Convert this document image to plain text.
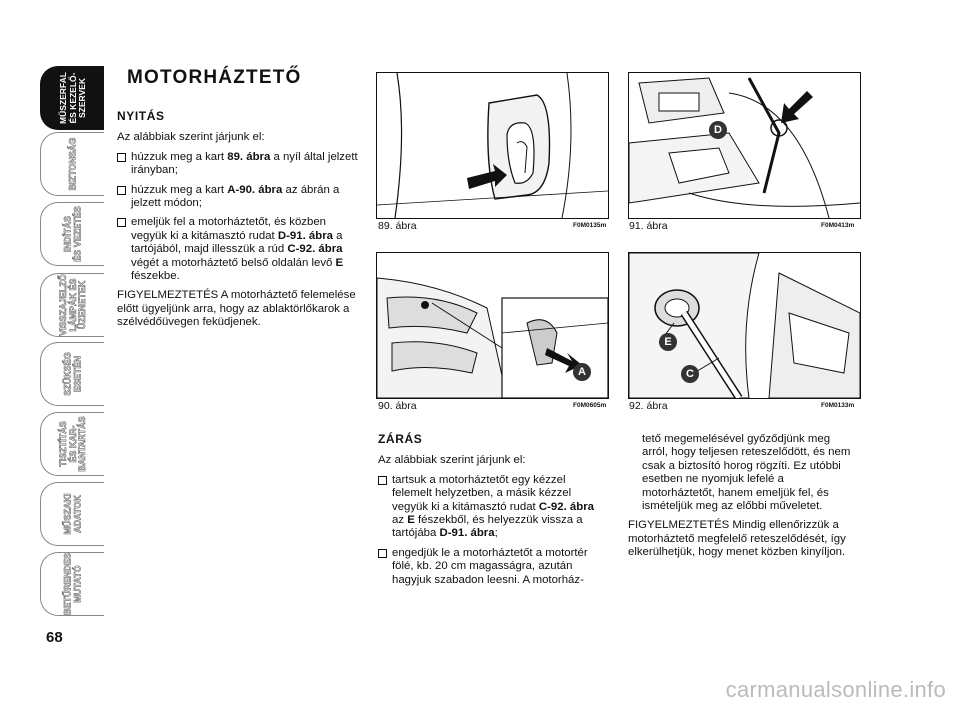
MŰSZERFAL
ÉS KEZELŐ-
SZERVEK
BIZTONSÁG
INDÍTÁS
ÉS VEZETÉS
VISSZAJELZŐ
LÁMPÁK ÉS
ÜZENETEK
SZÜKSÉG
ESETÉN
TISZTÍTÁS
ÉS KAR-
BANTARTÁS
MŰSZAKI
ADATOK
BETŰRENDES
MUTATÓ
68
MOTORHÁZTETŐ
NYITÁS

Az alábbiak szerint járjunk el:

húzzuk meg a kart 89. ábra a nyíl által jelzett irányban;
húzzuk meg a kart A-90. ábra az ábrán a jelzett módon;
emeljük fel a motorháztetőt, és közben vegyük ki a kitámasztó rudat D-91. ábra a tartójából, majd illesszük a rúd C-92. ábra végét a motorháztető belső oldalán levő E fészekbe.

FIGYELMEZTETÉS A motorháztető felemelése előtt ügyeljünk arra, hogy az ablaktörlőkarok a szélvédőüvegen feküdjenek.

89. ábra	F0M0135m
D
91. ábra	F0M0413m
A
90. ábra	F0M0605m
E
C
92. ábra	F0M0133m
ZÁRÁS

Az alábbiak szerint járjunk el:

tartsuk a motorháztetőt egy kézzel felemelt helyzetben, a másik kézzel vegyük ki a kitámasztó rudat C-92. ábra az E fészekből, és helyezzük vissza a tartójába D-91. ábra;
engedjük le a motorháztetőt a motortér fölé, kb. 20 cm magasságra, azután hagyjuk szabadon leesni. A motorház-

tető megemelésével győződjünk meg arról, hogy teljesen reteszelődött, és nem csak a biztosító horog rögzíti. Ez utóbbi esetben ne nyomjuk lefelé a motorháztetőt, hanem emeljük fel, és ismételjük meg az előbbi műveletet.

FIGYELMEZTETÉS Mindig ellenőrizzük a motorháztető megfelelő reteszelődését, így elkerülhetjük, hogy menet közben kinyíljon.

carmanualsonline.info
